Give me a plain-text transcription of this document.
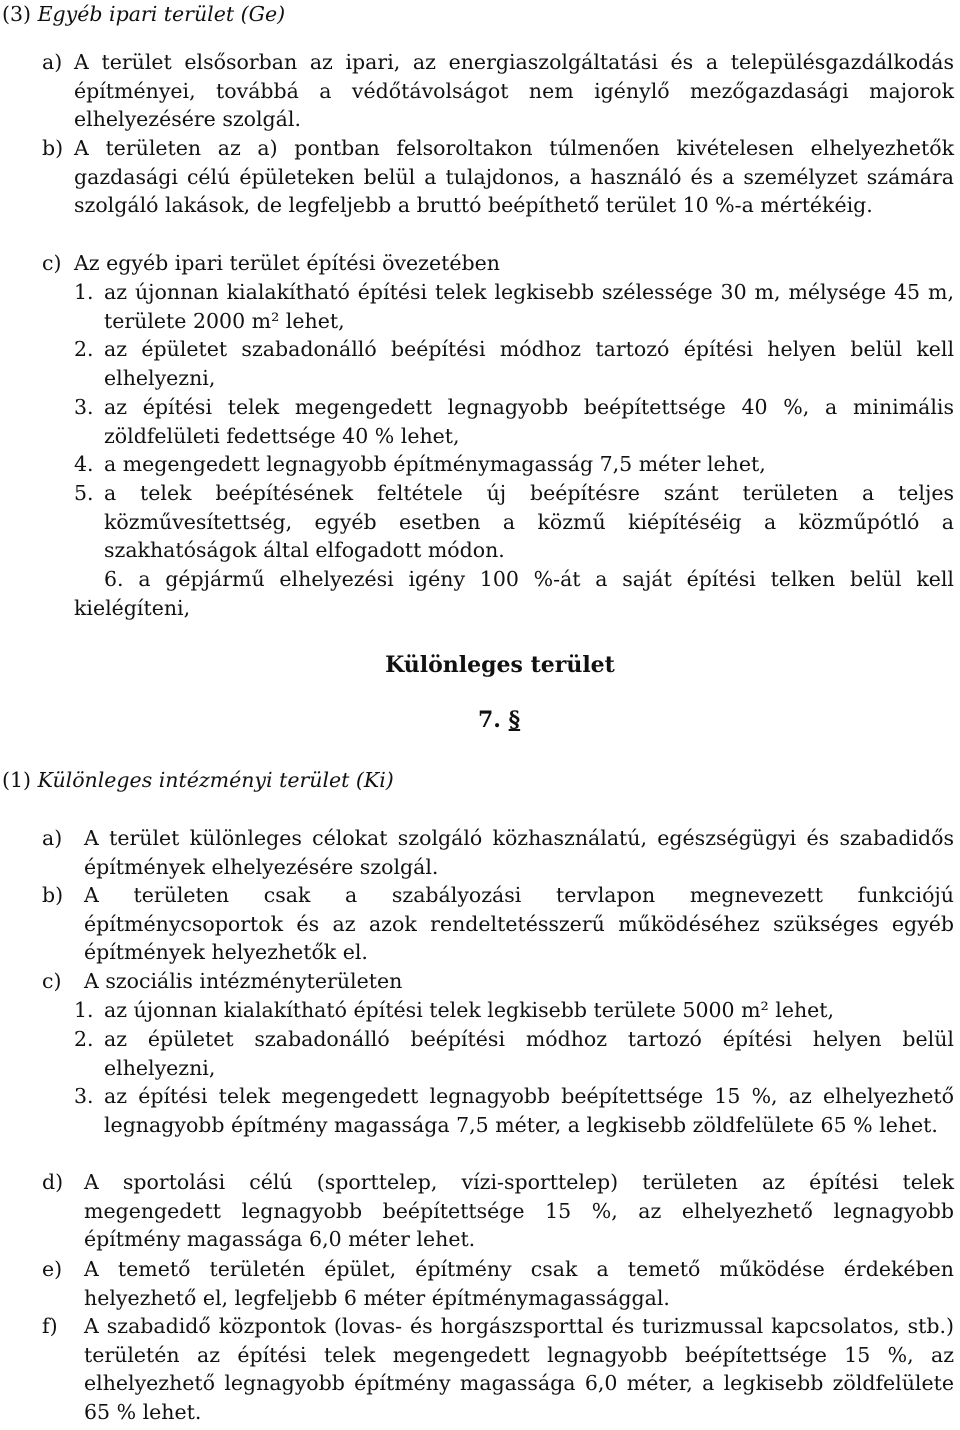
(3) Egyéb ipari terület (Ge)
a) A terület elsősorban az ipari, az energiaszolgáltatási és a településgazdálkodás építményei, továbbá a védőtávolságot nem igénylő mezőgazdasági majorok elhelyezésére szolgál.

b) A területen az a) pontban felsoroltakon túlmenően kivételesen elhelyezhetők gazdasági célú épületeken belül a tulajdonos, a használó és a személyzet számára szolgáló lakások, de legfeljebb a bruttó beépíthető terület 10 %-a mértékéig.

c) Az egyéb ipari terület építési övezetében

1. az újonnan kialakítható építési telek legkisebb szélessége 30 m, mélysége 45 m, területe 2000 m² lehet,

2. az épületet szabadonálló beépítési módhoz tartozó építési helyen belül kell elhelyezni,

3. az építési telek megengedett legnagyobb beépítettsége 40 %, a minimális zöldfelületi fedettsége 40 % lehet,

4. a megengedett legnagyobb építménymagasság 7,5 méter lehet,

5. a telek beépítésének feltétele új beépítésre szánt területen a teljes közművesítettség, egyéb esetben a közmű kiépítéséig a közműpótló a szakhatóságok által elfogadott módon.

6. a gépjármű elhelyezési igény 100 %-át a saját építési telken belül kell kielégíteni,

Különleges terület
7. §
(1) Különleges intézményi terület (Ki)
a) A terület különleges célokat szolgáló közhasználatú, egészségügyi és szabadidős építmények elhelyezésére szolgál.

b) A területen csak a szabályozási tervlapon megnevezett funkciójú építménycsoportok és az azok rendeltetésszerű működéséhez szükséges egyéb építmények helyezhetők el.

c) A szociális intézményterületen

1. az újonnan kialakítható építési telek legkisebb területe 5000 m² lehet,

2. az épületet szabadonálló beépítési módhoz tartozó építési helyen belül elhelyezni,

3. az építési telek megengedett legnagyobb beépítettsége 15 %, az elhelyezhető legnagyobb építmény magassága 7,5 méter, a legkisebb zöldfelülete 65 % lehet.

d) A sportolási célú (sporttelep, vízi-sporttelep) területen az építési telek megengedett legnagyobb beépítettsége 15 %, az elhelyezhető legnagyobb építmény magassága 6,0 méter lehet.

e) A temető területén épület, építmény csak a temető működése érdekében helyezhető el, legfeljebb 6 méter építménymagassággal.

f) A szabadidő központok (lovas- és horgászsporttal és turizmussal kapcsolatos, stb.) területén az építési telek megengedett legnagyobb beépítettsége 15 %, az elhelyezhető legnagyobb építmény magassága 6,0 méter, a legkisebb zöldfelülete 65 % lehet.
